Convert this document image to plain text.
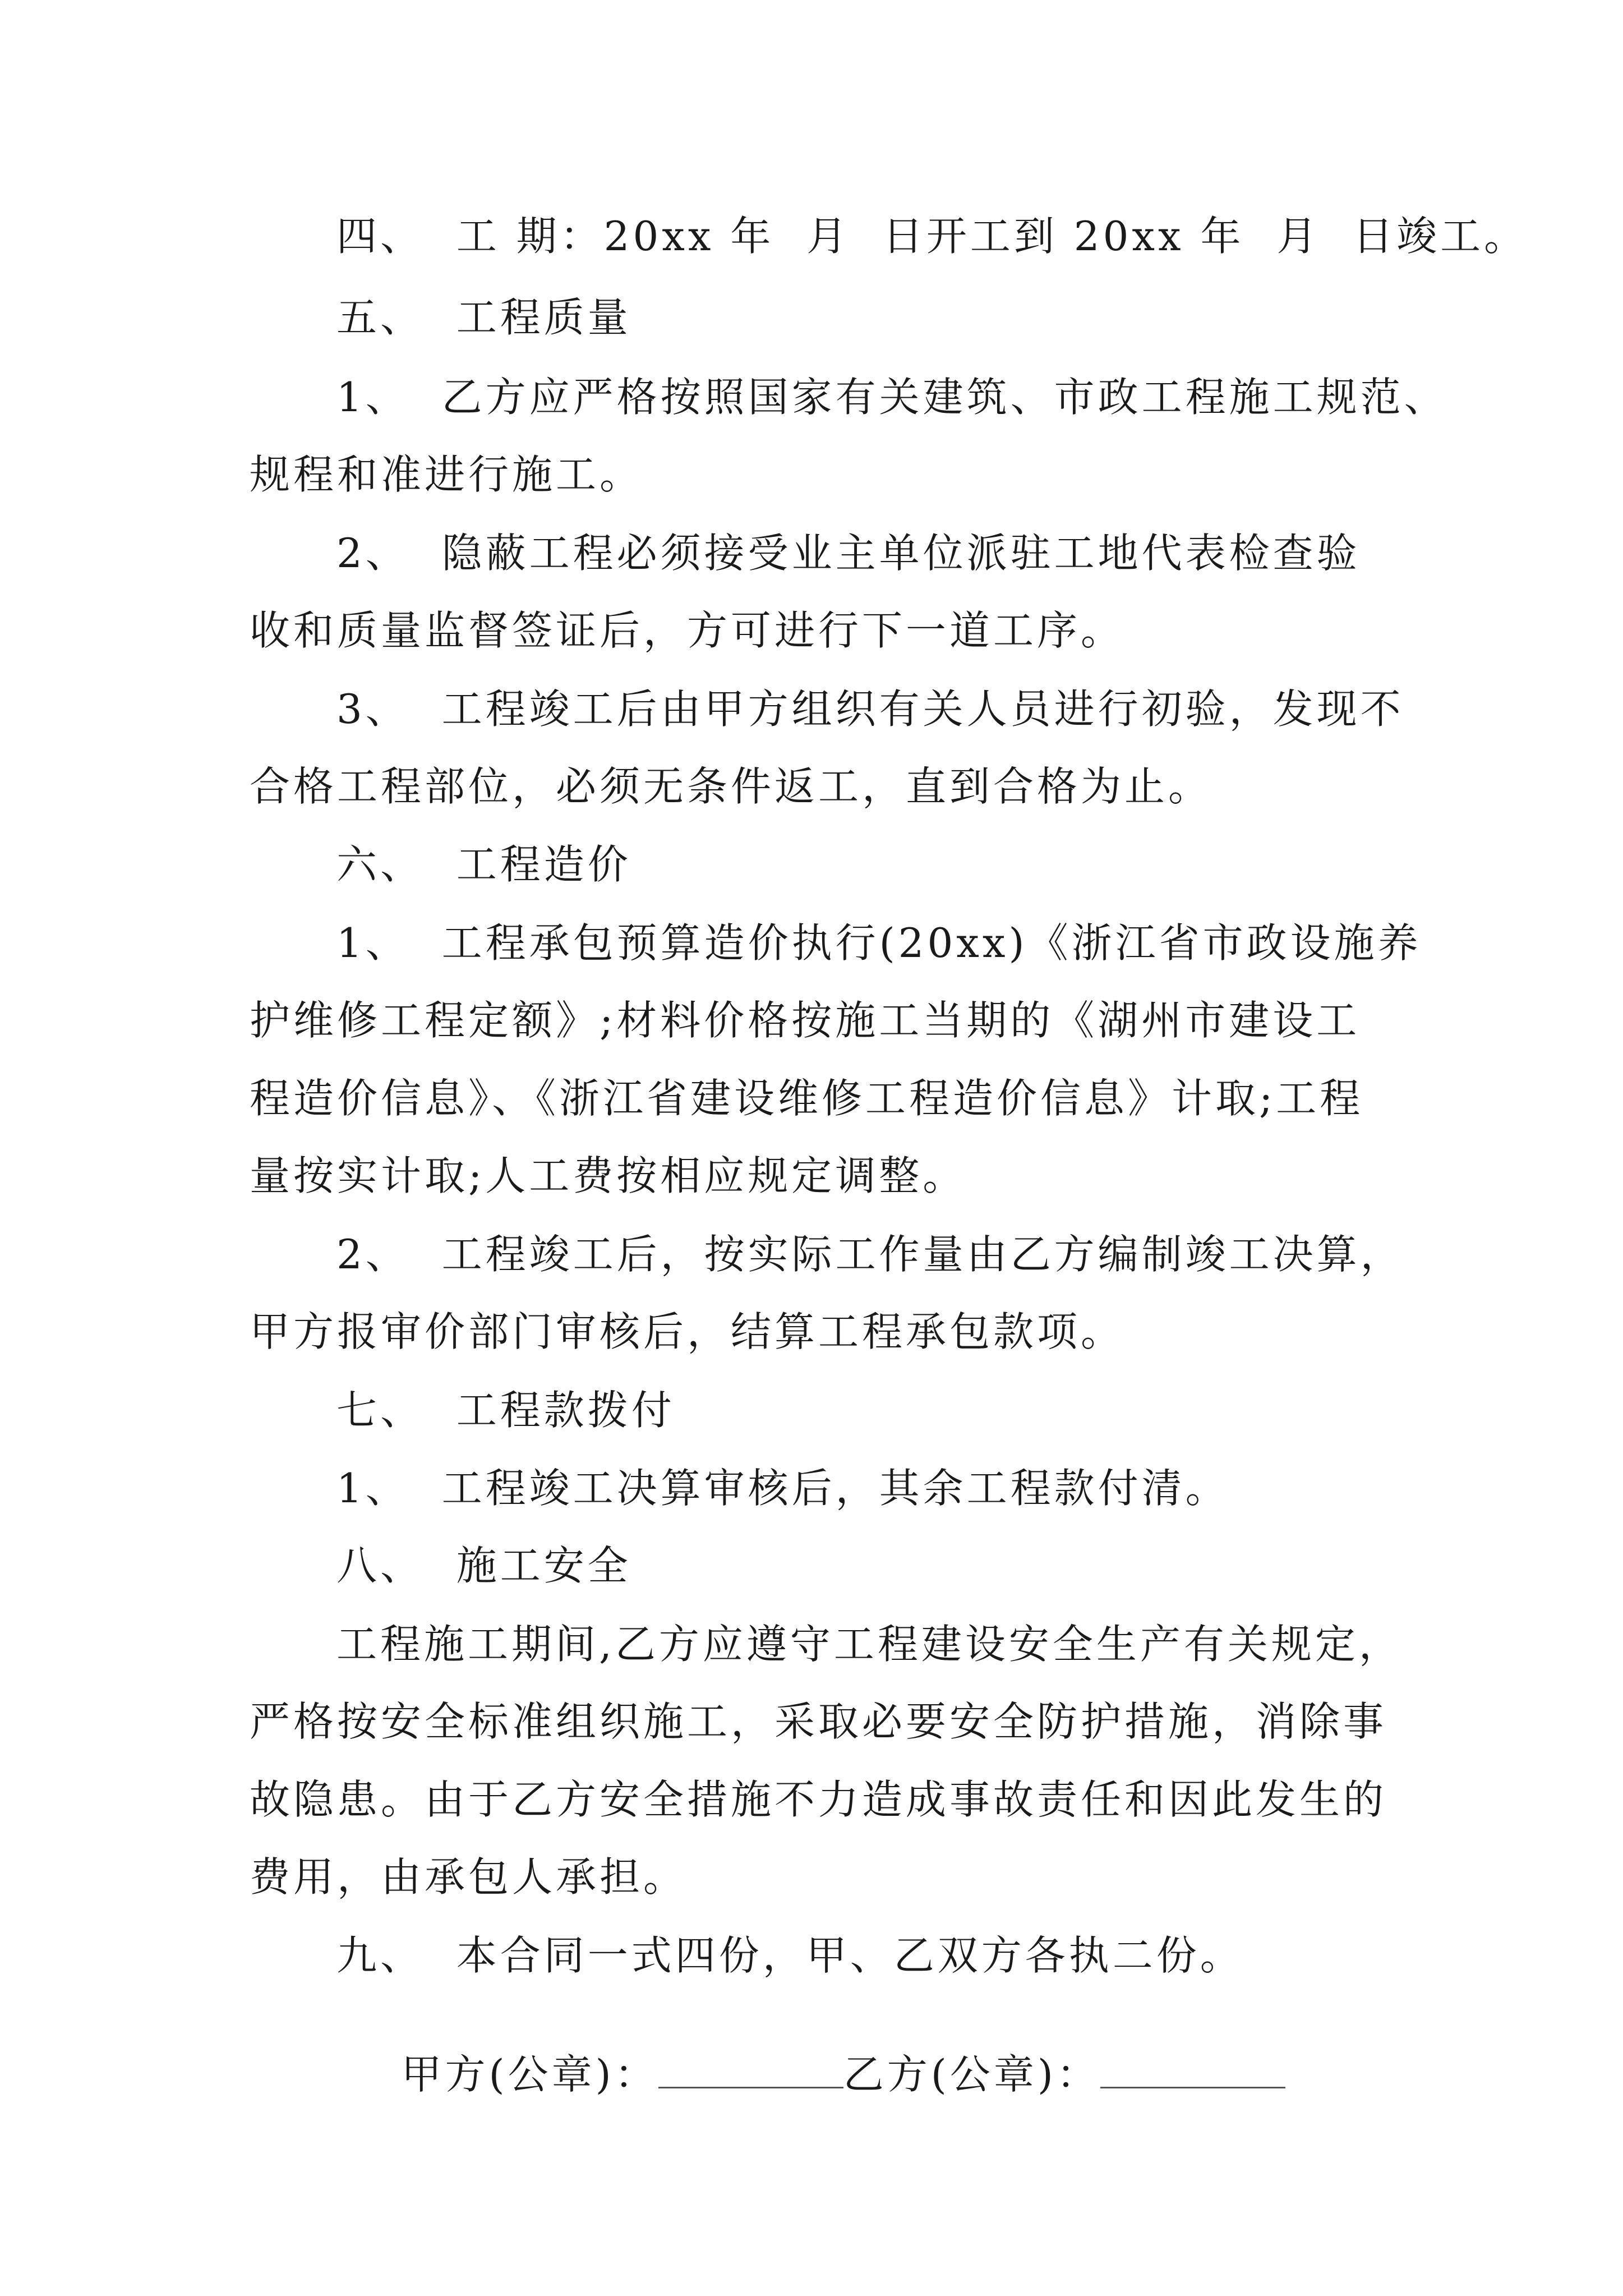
四、  工 期：20xx 年  月  日开工到 20xx 年  月  日竣工。
五、  工程质量
1、  乙方应严格按照国家有关建筑、市政工程施工规范、
规程和准进行施工。
2、  隐蔽工程必须接受业主单位派驻工地代表检查验
收和质量监督签证后，方可进行下一道工序。
3、  工程竣工后由甲方组织有关人员进行初验，发现不
合格工程部位，必须无条件返工，直到合格为止。
六、  工程造价
1、  工程承包预算造价执行(20xx)《浙江省市政设施养
护维修工程定额》;材料价格按施工当期的《湖州市建设工
程造价信息》、《浙江省建设维修工程造价信息》计取;工程
量按实计取;人工费按相应规定调整。
2、  工程竣工后，按实际工作量由乙方编制竣工决算，
甲方报审价部门审核后，结算工程承包款项。
七、  工程款拨付
1、  工程竣工决算审核后，其余工程款付清。
八、  施工安全
工程施工期间,乙方应遵守工程建设安全生产有关规定，
严格按安全标准组织施工，采取必要安全防护措施，消除事
故隐患。由于乙方安全措施不力造成事故责任和因此发生的
费用，由承包人承担。
九、  本合同一式四份，甲、乙双方各执二份。

甲方(公章)：	乙方(公章)：
